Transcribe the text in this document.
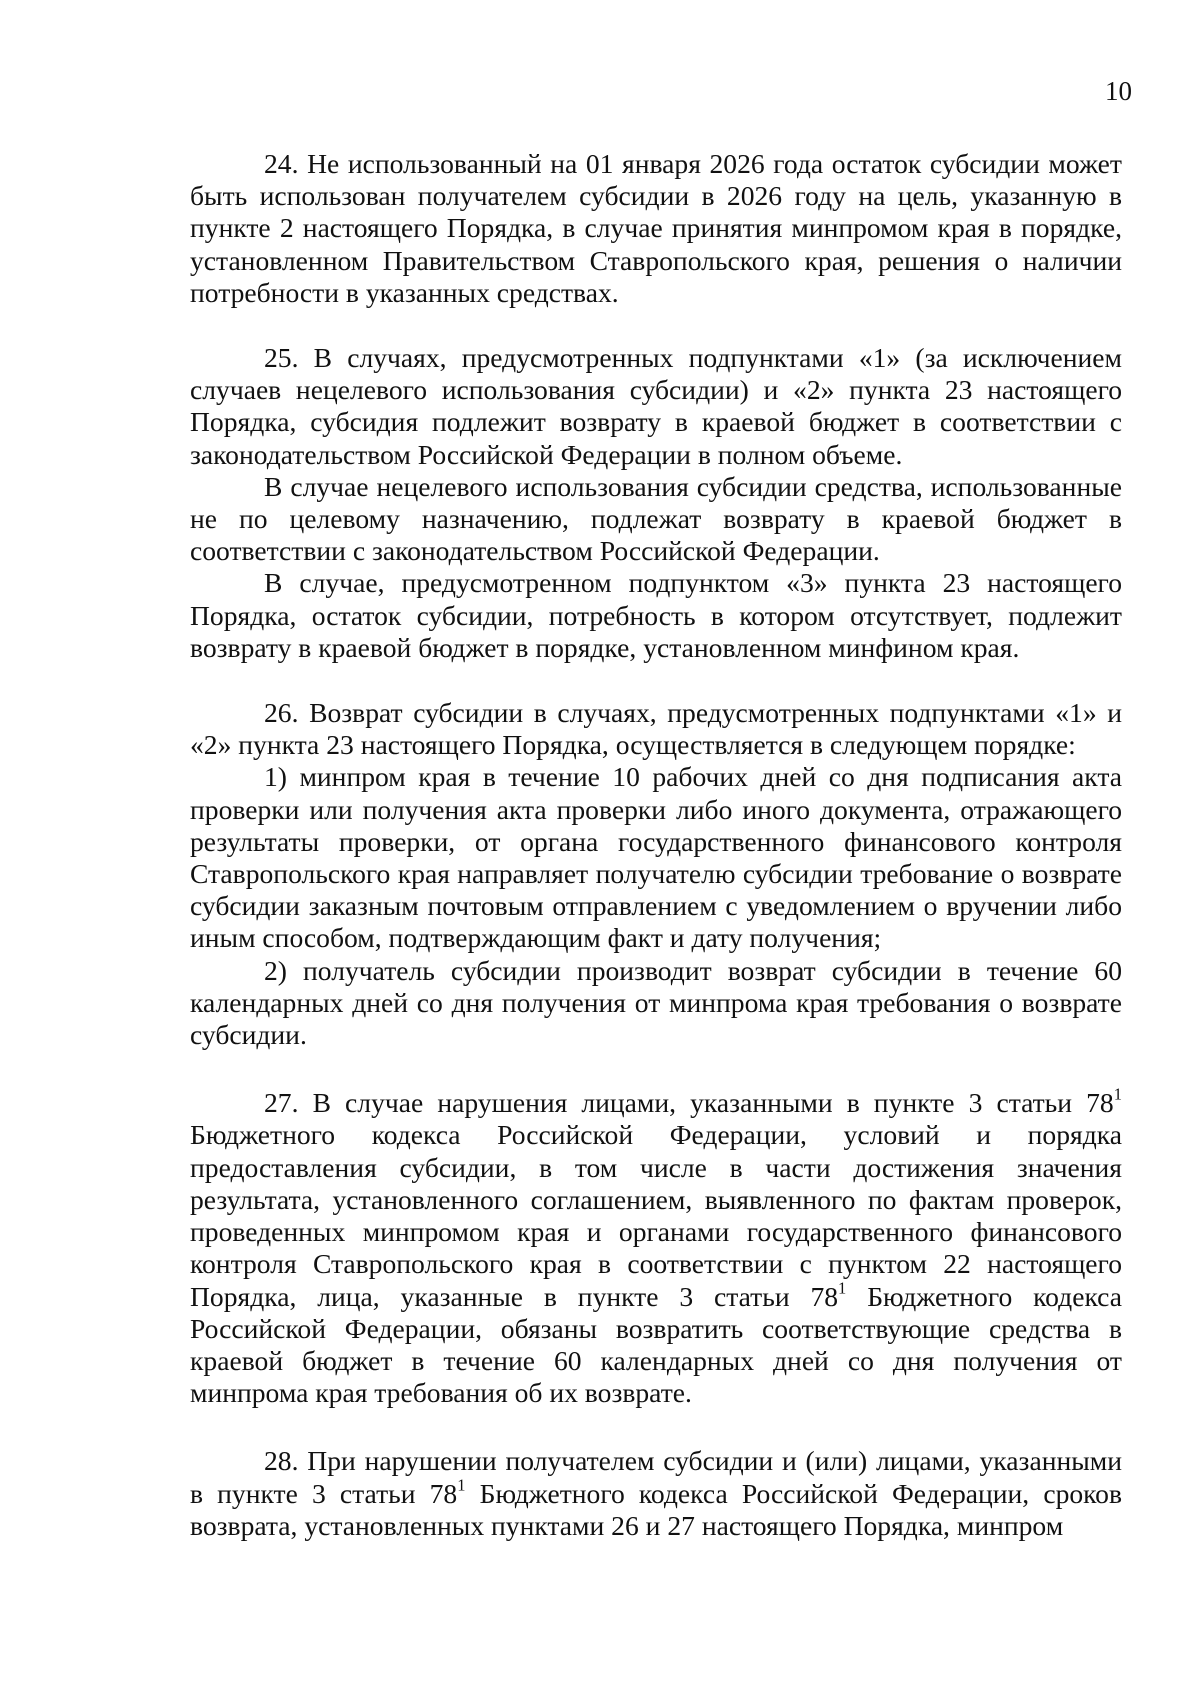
10

24. Не использованный на 01 января 2026 года остаток субсидии может быть использован получателем субсидии в 2026 году на цель, указанную в пункте 2 настоящего Порядка, в случае принятия минпромом края в порядке, установленном Правительством Ставропольского края, решения о наличии потребности в указанных средствах.

25. В случаях, предусмотренных подпунктами «1» (за исключением случаев нецелевого использования субсидии) и «2» пункта 23 настоящего Порядка, субсидия подлежит возврату в краевой бюджет в соответствии с законодательством Российской Федерации в полном объеме.

В случае нецелевого использования субсидии средства, использованные не по целевому назначению, подлежат возврату в краевой бюджет в соответствии с законодательством Российской Федерации.

В случае, предусмотренном подпунктом «3» пункта 23 настоящего Порядка, остаток субсидии, потребность в котором отсутствует, подлежит возврату в краевой бюджет в порядке, установленном минфином края.

26. Возврат субсидии в случаях, предусмотренных подпунктами «1» и «2» пункта 23 настоящего Порядка, осуществляется в следующем порядке:

1) минпром края в течение 10 рабочих дней со дня подписания акта проверки или получения акта проверки либо иного документа, отражающего результаты проверки, от органа государственного финансового контроля Ставропольского края направляет получателю субсидии требование о возврате субсидии заказным почтовым отправлением с уведомлением о вручении либо иным способом, подтверждающим факт и дату получения;

2) получатель субсидии производит возврат субсидии в течение 60 календарных дней со дня получения от минпрома края требования о возврате субсидии.

27. В случае нарушения лицами, указанными в пункте 3 статьи $78^1$ Бюджетного кодекса Российской Федерации, условий и порядка предоставления субсидии, в том числе в части достижения значения результата, установленного соглашением, выявленного по фактам проверок, проведенных минпромом края и органами государственного финансового контроля Ставропольского края в соответствии с пунктом 22 настоящего Порядка, лица, указанные в пункте 3 статьи $78^1$ Бюджетного кодекса Российской Федерации, обязаны возвратить соответствующие средства в краевой бюджет в течение 60 календарных дней со дня получения от минпрома края требования об их возврате.

28. При нарушении получателем субсидии и (или) лицами, указанными в пункте 3 статьи $78^1$ Бюджетного кодекса Российской Федерации, сроков возврата, установленных пунктами 26 и 27 настоящего Порядка, минпром
